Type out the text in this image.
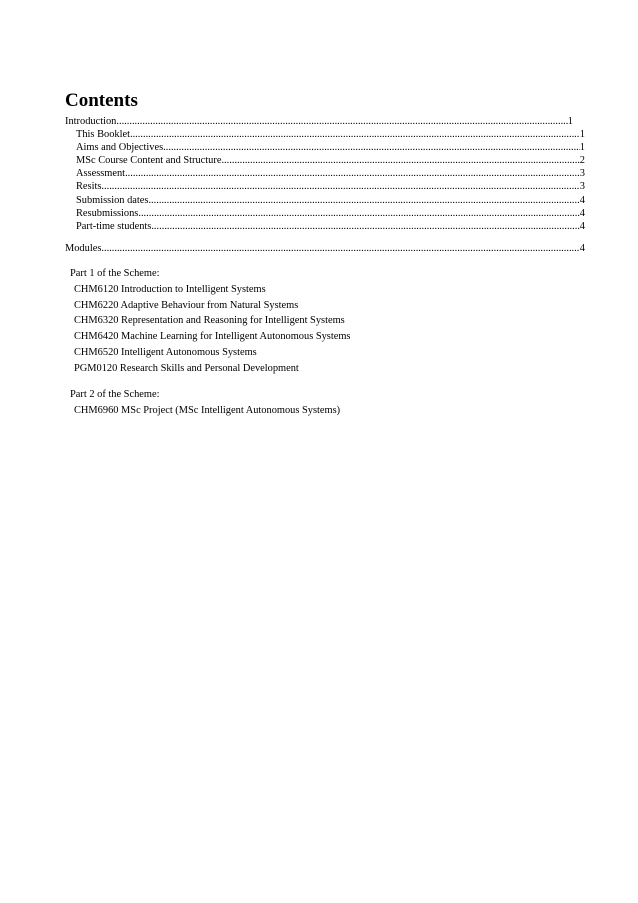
Contents
Introduction .....	1
This Booklet .....	1
Aims and Objectives .....	1
MSc Course Content and Structure .....	2
Assessment .....	3
Resits .....	3
Submission dates .....	4
Resubmissions .....	4
Part-time students .....	4
Modules .....	4

Part 1 of the Scheme:

CHM6120 Introduction to Intelligent Systems
CHM6220 Adaptive Behaviour from Natural Systems
CHM6320 Representation and Reasoning for Intelligent Systems
CHM6420 Machine Learning for Intelligent Autonomous Systems
CHM6520 Intelligent Autonomous Systems
PGM0120 Research Skills and Personal Development

Part 2 of the Scheme:

CHM6960 MSc Project (MSc Intelligent Autonomous Systems)
